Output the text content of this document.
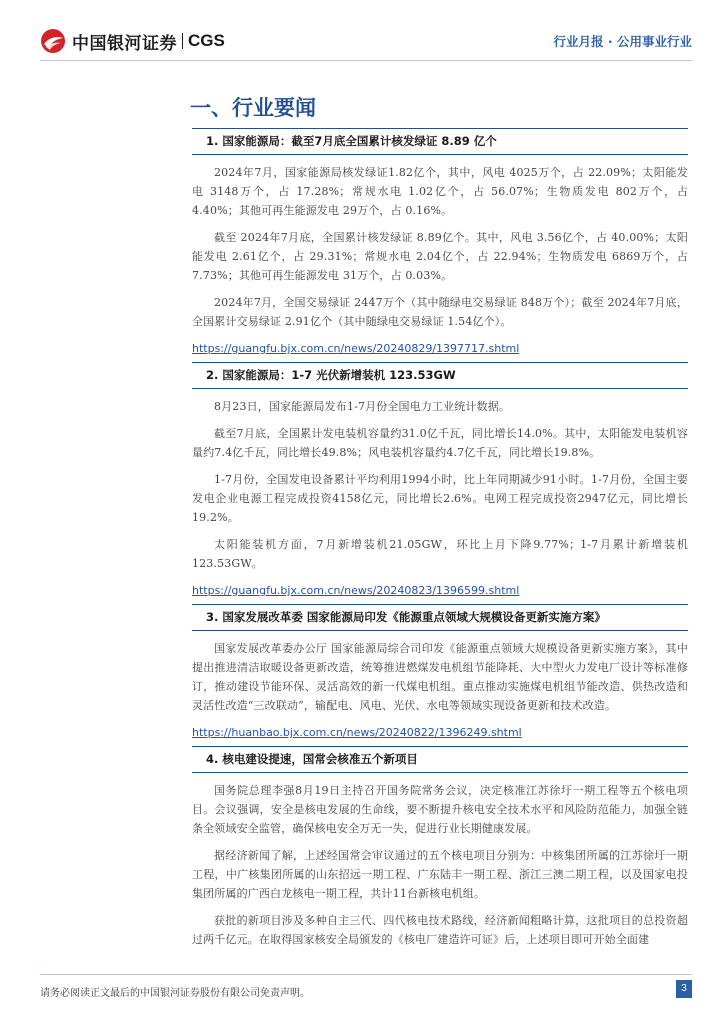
中国银河证券 CGS	行业月报 · 公用事业行业
一、行业要闻
1. 国家能源局：截至7月底全国累计核发绿证 8.89 亿个

2024年7月，国家能源局核发绿证1.82亿个，其中，风电 4025万个，占 22.09%；太阳能发电 3148万个，占 17.28%；常规水电 1.02亿个，占 56.07%；生物质发电 802万个，占 4.40%；其他可再生能源发电 29万个，占 0.16%。

截至 2024年7月底，全国累计核发绿证 8.89亿个。其中，风电 3.56亿个，占 40.00%；太阳能发电 2.61亿个，占 29.31%；常规水电 2.04亿个，占 22.94%；生物质发电 6869万个，占 7.73%；其他可再生能源发电 31万个，占 0.03%。

2024年7月，全国交易绿证 2447万个（其中随绿电交易绿证 848万个）；截至 2024年7月底，全国累计交易绿证 2.91亿个（其中随绿电交易绿证 1.54亿个）。

https://guangfu.bjx.com.cn/news/20240829/1397717.shtml
2. 国家能源局：1-7 光伏新增装机 123.53GW

8月23日，国家能源局发布1-7月份全国电力工业统计数据。

截至7月底，全国累计发电装机容量约31.0亿千瓦，同比增长14.0%。其中，太阳能发电装机容量约7.4亿千瓦，同比增长49.8%；风电装机容量约4.7亿千瓦，同比增长19.8%。

1-7月份，全国发电设备累计平均利用1994小时，比上年同期减少91小时。1-7月份，全国主要发电企业电源工程完成投资4158亿元，同比增长2.6%。电网工程完成投资2947亿元，同比增长19.2%。

太阳能装机方面，7月新增装机21.05GW，环比上月下降9.77%；1-7月累计新增装机123.53GW。

https://guangfu.bjx.com.cn/news/20240823/1396599.shtml
3. 国家发展改革委 国家能源局印发《能源重点领域大规模设备更新实施方案》

国家发展改革委办公厅 国家能源局综合司印发《能源重点领域大规模设备更新实施方案》，其中提出推进清洁取暖设备更新改造，统筹推进燃煤发电机组节能降耗、大中型火力发电厂设计等标准修订，推动建设节能环保、灵活高效的新一代煤电机组。重点推动实施煤电机组节能改造、供热改造和灵活性改造“三改联动”，输配电、风电、光伏、水电等领域实现设备更新和技术改造。

https://huanbao.bjx.com.cn/news/20240822/1396249.shtml
4. 核电建设提速，国常会核准五个新项目

国务院总理李强8月19日主持召开国务院常务会议，决定核准江苏徐圩一期工程等五个核电项目。会议强调，安全是核电发展的生命线，要不断提升核电安全技术水平和风险防范能力，加强全链条全领域安全监管，确保核电安全万无一失，促进行业长期健康发展。

据经济新闻了解，上述经国常会审议通过的五个核电项目分别为：中核集团所属的江苏徐圩一期工程，中广核集团所属的山东招远一期工程、广东陆丰一期工程、浙江三澳二期工程，以及国家电投集团所属的广西白龙核电一期工程，共计11台新核电机组。

获批的新项目涉及多种自主三代、四代核电技术路线，经济新闻粗略计算，这批项目的总投资超过两千亿元。在取得国家核安全局颁发的《核电厂建造许可证》后，上述项目即可开始全面建

请务必阅读正文最后的中国银河证券股份有限公司免责声明。	3
